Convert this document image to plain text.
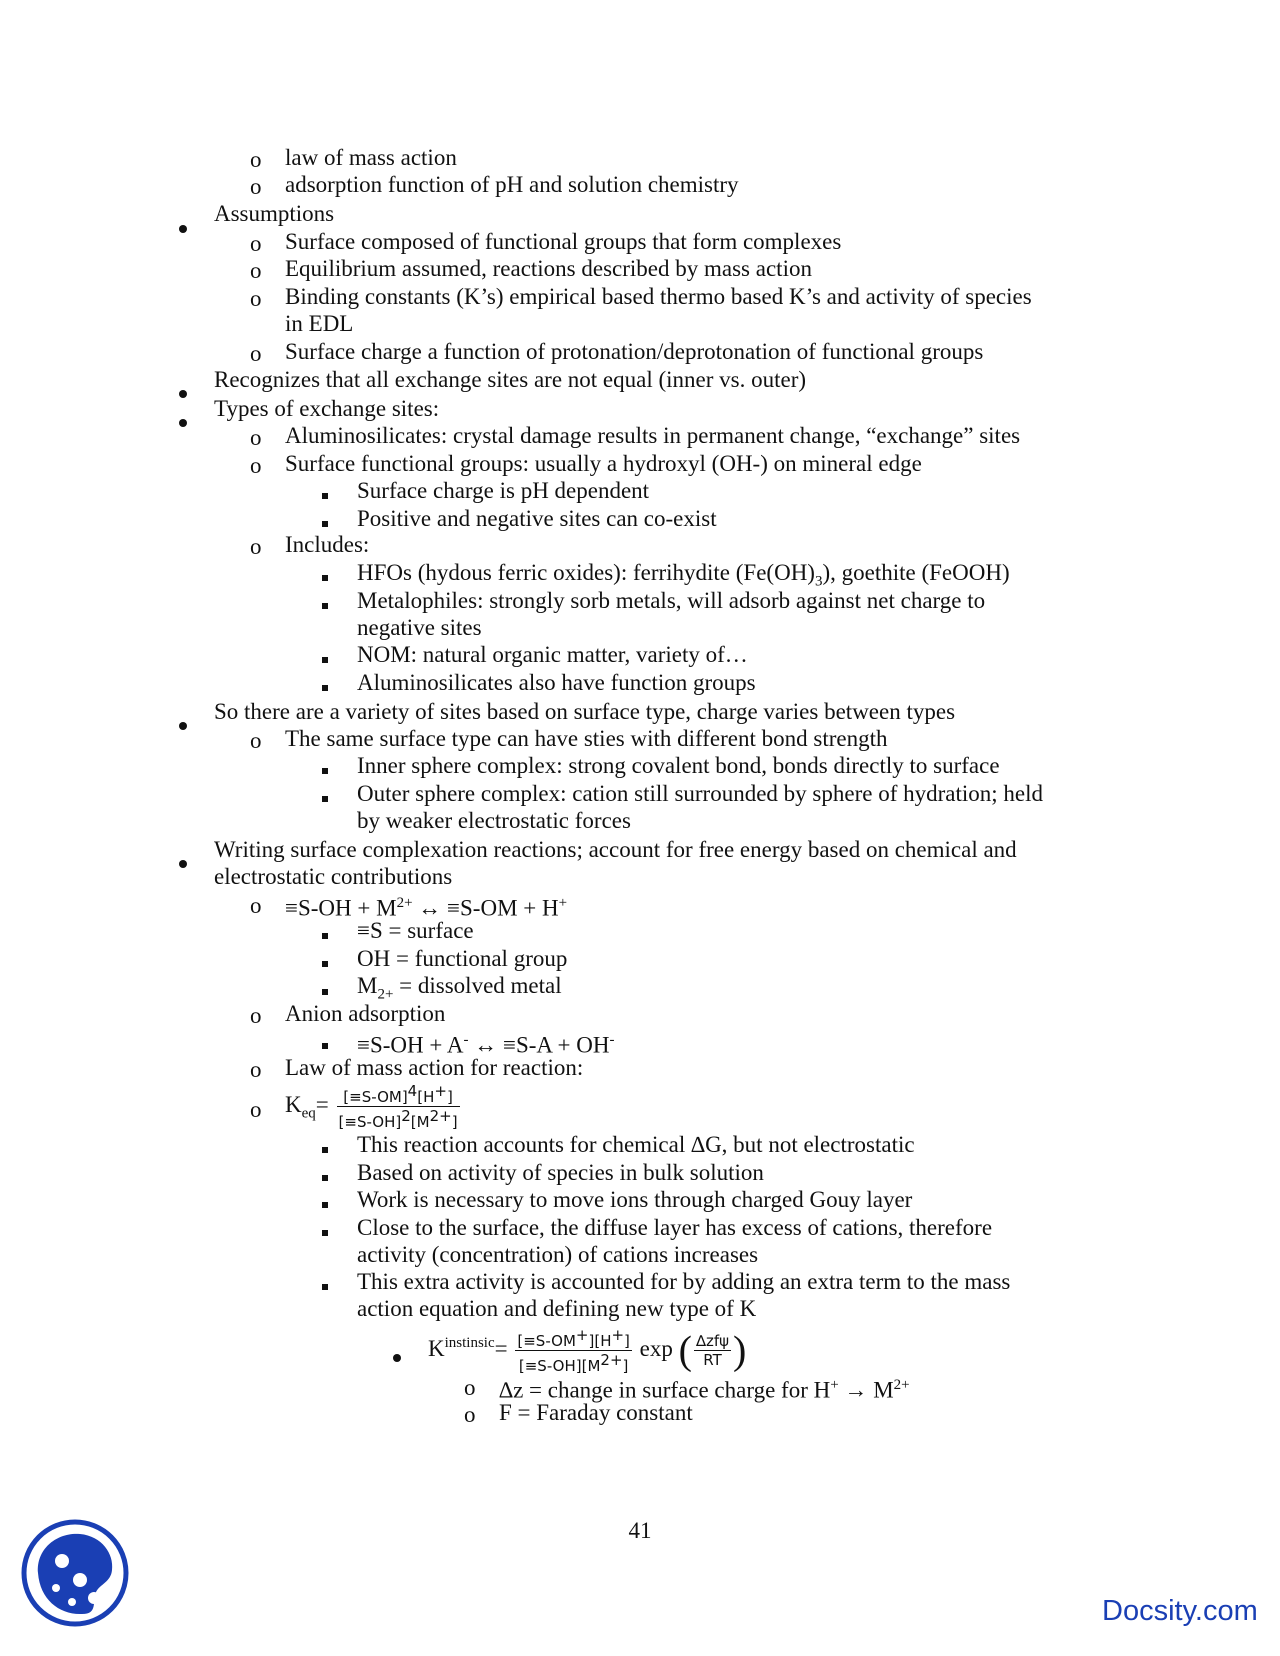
o
o
o
o
o
o
o
o
o
o
o
o
o
o
o
o
law of mass action
adsorption function of pH and solution chemistry
Assumptions
Surface composed of functional groups that form complexes
Equilibrium assumed, reactions described by mass action
Binding constants (K’s) empirical based thermo based K’s and activity of species
in EDL
Surface charge a function of protonation/deprotonation of functional groups
Recognizes that all exchange sites are not equal (inner vs. outer)
Types of exchange sites:
Aluminosilicates: crystal damage results in permanent change, “exchange” sites
Surface functional groups: usually a hydroxyl (OH-) on mineral edge
Surface charge is pH dependent
Positive and negative sites can co-exist
Includes:
HFOs (hydous ferric oxides): ferrihydite $(Fe(OH)_3)$, goethite (FeOOH)
Metalophiles: strongly sorb metals, will adsorb against net charge to
negative sites
NOM: natural organic matter, variety of…
Aluminosilicates also have function groups
So there are a variety of sites based on surface type, charge varies between types
The same surface type can have sties with different bond strength
Inner sphere complex: strong covalent bond, bonds directly to surface
Outer sphere complex: cation still surrounded by sphere of hydration; held
by weaker electrostatic forces
Writing surface complexation reactions; account for free energy based on chemical and
electrostatic contributions
$\equiv S-OH + M^{2+}$ ↔ ≡S-OM + H+
≡S = surface
OH = functional group
$M_{2+}$ = dissolved metal
Anion adsorption
≡S-OH + A- ↔ ≡S-A + OH-
Law of mass action for reaction:
$K_{eq}= \frac{[\equiv S-OM]^4[H^+]}{[\equiv S-OH]^2[M^{2+}]}$
This reaction accounts for chemical ∆G, but not electrostatic
Based on activity of species in bulk solution
Work is necessary to move ions through charged Gouy layer
Close to the surface, the diffuse layer has excess of cations, therefore
activity (concentration) of cations increases
This extra activity is accounted for by adding an extra term to the mass
action equation and defining new type of K
$K^{instinsic}= \frac{[\equiv S-OM^+][H^+]}{[\equiv S-OH][M^{2+}]}$ exp ( $\frac{\text{∆zfψ}}{RT}$ )
∆z = change in surface charge for $H^+ \to M^{2+}$
F = Faraday constant
41
Docsity.com
